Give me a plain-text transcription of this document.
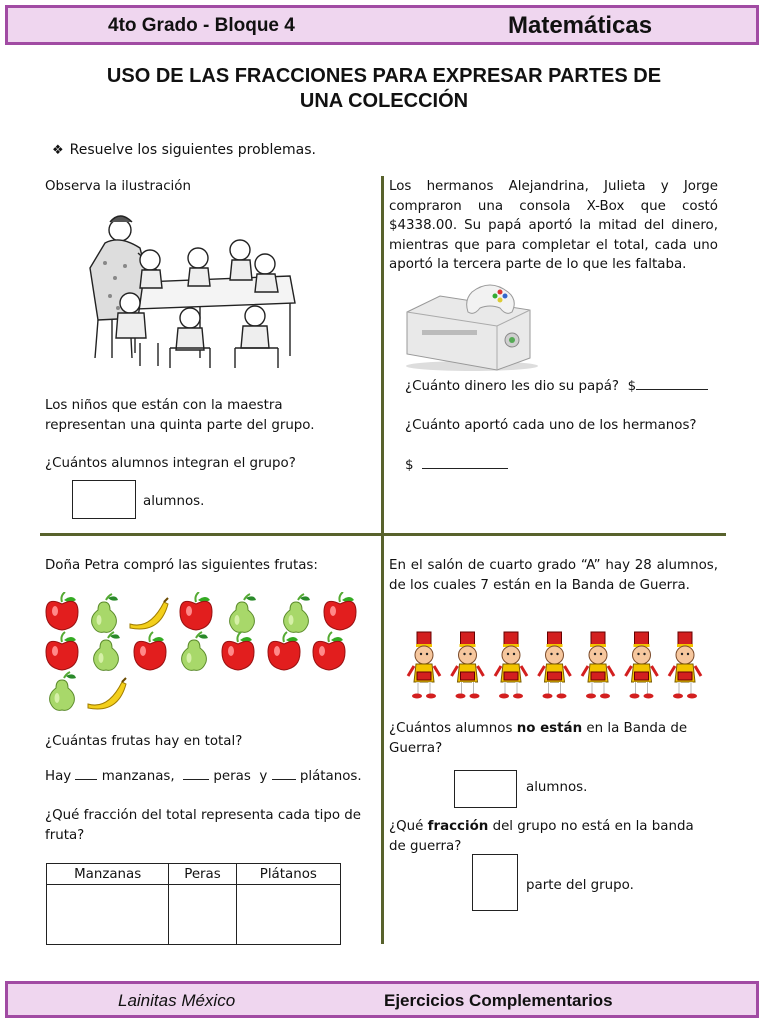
4to Grado - Bloque 4	Matemáticas
USO DE LAS FRACCIONES PARA EXPRESAR PARTES DE
UNA COLECCIÓN
❖ Resuelve los siguientes problemas.
Observa la ilustración
Los niños que están con la maestra
representan una quinta parte del grupo.
¿Cuántos alumnos integran el grupo?
alumnos.
Los hermanos Alejandrina, Julieta y Jorge compraron una consola X-Box que costó $4338.00. Su papá aportó la mitad del dinero, mientras que para completar el total, cada uno aportó la tercera parte de lo que les faltaba.
¿Cuánto dinero les dio su papá? $
¿Cuánto aportó cada uno de los hermanos?
$
Doña Petra compró las siguientes frutas:
¿Cuántas frutas hay en total?
Hay manzanas,	peras y plátanos.
¿Qué fracción del total representa cada tipo de
fruta?
Manzanas	Peras	Plátanos

En el salón de cuarto grado “A” hay 28 alumnos, de los cuales 7 están en la Banda de Guerra.
¿Cuántos alumnos no están en la Banda de
Guerra?
alumnos.
¿Qué fracción del grupo no está en la banda
de guerra?
parte del grupo.
Lainitas México	Ejercicios Complementarios
